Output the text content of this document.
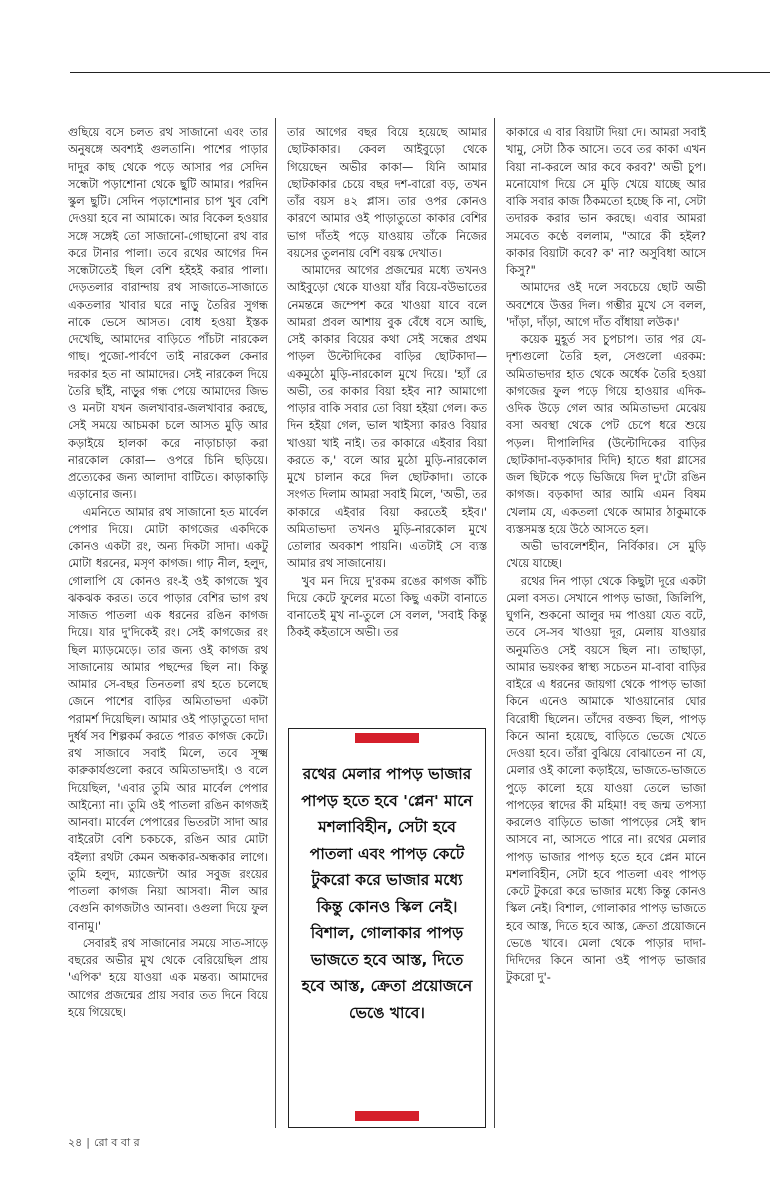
গুছিয়ে বসে চলত রথ সাজানো এবং তার অনুষঙ্গে অবশ্যই গুলতানি। পাশের পাড়ার দাদুর কাছ থেকে পড়ে আসার পর সেদিন সন্ধেটা পড়াশোনা থেকে ছুটি আমার। পরদিন স্কুল ছুটি। সেদিন পড়াশোনার চাপ খুব বেশি দেওয়া হবে না আমাকে। আর বিকেল হওয়ার সঙ্গে সঙ্গেই তো সাজানো-গোছানো রথ বার করে টানার পালা। তবে রথের আগের দিন সন্ধেটাতেই ছিল বেশি হইহই করার পালা। দেড়তলার বারান্দায় রথ সাজাতে-সাজাতে একতলার খাবার ঘরে নাড়ু তৈরির সুগন্ধ নাকে ভেসে আসত। বোধ হওয়া ইস্তক দেখেছি, আমাদের বাড়িতে পাঁচটা নারকেল গাছ। পুজো-পার্বণে তাই নারকেল কেনার দরকার হত না আমাদের। সেই নারকেল দিয়ে তৈরি ছাঁই, নাড়ুর গন্ধ পেয়ে আমাদের জিভ ও মনটা যখন জলখাবার-জলখাবার করছে, সেই সময়ে আচমকা চলে আসত মুড়ি আর কড়াইয়ে হালকা করে নাড়াচাড়া করা নারকোল কোরা— ওপরে চিনি ছড়িয়ে। প্রত্যেকের জন্য আলাদা বাটিতে। কাড়াকাড়ি এড়ানোর জন্য।

এমনিতে আমার রথ সাজানো হত মার্বেল পেপার দিয়ে। মোটা কাগজের একদিকে কোনও একটা রং, অন্য দিকটা সাদা। একটু মোটা ধরনের, মসৃণ কাগজ। গাঢ় নীল, হলুদ, গোলাপি যে কোনও রং-ই ওই কাগজে খুব ঝকঝক করত। তবে পাড়ার বেশির ভাগ রথ সাজত পাতলা এক ধরনের রঙিন কাগজ দিয়ে। যার দু'দিকেই রং। সেই কাগজের রং ছিল ম্যাড়মেড়ে। তার জন্য ওই কাগজ রথ সাজানোয় আমার পছন্দের ছিল না। কিন্তু আমার সে-বছর তিনতলা রথ হতে চলেছে জেনে পাশের বাড়ির অমিতাভদা একটা পরামর্শ দিয়েছিল। আমার ওই পাড়াতুতো দাদা দুর্ধর্ষ সব শিল্পকর্ম করতে পারত কাগজ কেটে। রথ সাজাবে সবাই মিলে, তবে সূক্ষ্ম কারুকার্যগুলো করবে অমিতাভদাই। ও বলে দিয়েছিল, 'এবার তুমি আর মার্বেল পেপার আইন্যো না। তুমি ওই পাতলা রঙিন কাগজই আনবা। মার্বেল পেপারের ভিতরটা সাদা আর বাইরেটা বেশি চকচকে, রঙিন আর মোটা বইল্যা রথটা কেমন অন্ধকার-অন্ধকার লাগে। তুমি হলুদ, ম্যাজেন্টা আর সবুজ রংয়ের পাতলা কাগজ নিয়া আসবা। নীল আর বেগুনি কাগজটাও আনবা। ওগুলা দিয়ে ফুল বানামু।'

সেবারই রথ সাজানোর সময়ে সাত-সাড়ে বছরের অভীর মুখ থেকে বেরিয়েছিল প্রায় 'এপিক' হয়ে যাওয়া এক মন্তব্য। আমাদের আগের প্রজন্মের প্রায় সবার তত দিনে বিয়ে হয়ে গিয়েছে।

তার আগের বছর বিয়ে হয়েছে আমার ছোটকাকার। কেবল আইবুড়ো থেকে গিয়েছেন অভীর কাকা— যিনি আমার ছোটকাকার চেয়ে বছর দশ-বারো বড়, তখন তাঁর বয়স ৪২ প্লাস। তার ওপর কোনও কারণে আমার ওই পাড়াতুতো কাকার বেশির ভাগ দাঁতই পড়ে যাওয়ায় তাঁকে নিজের বয়সের তুলনায় বেশি বয়স্ক দেখাত।

আমাদের আগের প্রজন্মের মধ্যে তখনও আইবুড়ো থেকে যাওয়া যাঁর বিয়ে-বউভাতের নেমন্তন্নে জম্পেশ করে খাওয়া যাবে বলে আমরা প্রবল আশায় বুক বেঁধে বসে আছি, সেই কাকার বিয়ের কথা সেই সন্ধের প্রথম পাড়ল উল্টোদিকের বাড়ির ছোটকাদা— একমুঠো মুড়ি-নারকোল মুখে দিয়ে। 'হ্যাঁ রে অভী, তর কাকার বিয়া হইব না? আমাগো পাড়ার বাকি সবার তো বিয়া হইয়া গেল। কত দিন হইয়া গেল, ভাল খাইস্যা কারও বিয়ার খাওয়া খাই নাই। তর কাকারে এইবার বিয়া করতে ক,' বলে আর মুঠো মুড়ি-নারকোল মুখে চালান করে দিল ছোটকাদা। তাকে সংগত দিলাম আমরা সবাই মিলে, 'অভী, তর কাকারে এইবার বিয়া করতেই হইব।' অমিতাভদা তখনও মুড়ি-নারকোল মুখে তোলার অবকাশ পায়নি। এতটাই সে ব্যস্ত আমার রথ সাজানোয়।

খুব মন দিয়ে দু'রকম রঙের কাগজ কাঁচি দিয়ে কেটে ফুলের মতো কিছু একটা বানাতে বানাতেই মুখ না-তুলে সে বলল, 'সবাই কিন্তু ঠিকই কইতাসে অভী। তর

রথের মেলার পাপড় ভাজার পাপড় হতে হবে 'প্লেন' মানে মশলাবিহীন, সেটা হবে পাতলা এবং পাপড় কেটে টুকরো করে ভাজার মধ্যে কিন্তু কোনও স্কিল নেই। বিশাল, গোলাকার পাপড় ভাজতে হবে আস্ত, দিতে হবে আস্ত, ক্রেতা প্রয়োজনে ভেঙে খাবে।

কাকারে এ বার বিয়াটা দিয়া দে। আমরা সবাই খামু, সেটা ঠিক আসে। তবে তর কাকা এখন বিয়া না-করলে আর কবে করব?' অভী চুপ। মনোযোগ দিয়ে সে মুড়ি খেয়ে যাচ্ছে আর বাকি সবার কাজ ঠিকমতো হচ্ছে কি না, সেটা তদারক করার ভান করছে। এবার আমরা সমবেত কণ্ঠে বললাম, "আরে কী হইল? কাকার বিয়াটা কবে? ক' না? অসুবিধা আসে কিসু?"

আমাদের ওই দলে সবচেয়ে ছোট অভী অবশেষে উত্তর দিল। গম্ভীর মুখে সে বলল, 'দাঁড়া, দাঁড়া, আগে দাঁত বাঁধায়া লউক।'

কয়েক মুহূর্ত সব চুপচাপ। তার পর যে-দৃশ্যগুলো তৈরি হল, সেগুলো এরকম: অমিতাভদার হাত থেকে অর্ধেক তৈরি হওয়া কাগজের ফুল পড়ে গিয়ে হাওয়ার এদিক-ওদিক উড়ে গেল আর অমিতাভদা মেঝেয় বসা অবস্থা থেকে পেট চেপে ধরে শুয়ে পড়ল। দীপালিদির (উল্টোদিকের বাড়ির ছোটকাদা-বড়কাদার দিদি) হাতে ধরা গ্লাসের জল ছিটকে পড়ে ভিজিয়ে দিল দু'টো রঙিন কাগজ। বড়কাদা আর আমি এমন বিষম খেলাম যে, একতলা থেকে আমার ঠাকুমাকে ব্যস্তসমস্ত হয়ে উঠে আসতে হল।

অভী ভাবলেশহীন, নির্বিকার। সে মুড়ি খেয়ে যাচ্ছে।

রথের দিন পাড়া থেকে কিছুটা দূরে একটা মেলা বসত। সেখানে পাপড় ভাজা, জিলিপি, ঘুগনি, শুকনো আলুর দম পাওয়া যেত বটে, তবে সে-সব খাওয়া দূর, মেলায় যাওয়ার অনুমতিও সেই বয়সে ছিল না। তাছাড়া, আমার ভয়ংকর স্বাস্থ্য সচেতন মা-বাবা বাড়ির বাইরে এ ধরনের জায়গা থেকে পাপড় ভাজা কিনে এনেও আমাকে খাওয়ানোর ঘোর বিরোধী ছিলেন। তাঁদের বক্তব্য ছিল, পাপড় কিনে আনা হয়েছে, বাড়িতে ভেজে খেতে দেওয়া হবে। তাঁরা বুঝিয়ে বোঝাতেন না যে, মেলার ওই কালো কড়াইয়ে, ভাজতে-ভাজতে পুড়ে কালো হয়ে যাওয়া তেলে ভাজা পাপড়ের স্বাদের কী মহিমা! বহু জন্ম তপস্যা করলেও বাড়িতে ভাজা পাপড়ের সেই স্বাদ আসবে না, আসতে পারে না। রথের মেলার পাপড় ভাজার পাপড় হতে হবে প্লেন মানে মশলাবিহীন, সেটা হবে পাতলা এবং পাপড় কেটে টুকরো করে ভাজার মধ্যে কিন্তু কোনও স্কিল নেই। বিশাল, গোলাকার পাপড় ভাজতে হবে আস্ত, দিতে হবে আস্ত, ক্রেতা প্রয়োজনে ভেঙে খাবে। মেলা থেকে পাড়ার দাদা-দিদিদের কিনে আনা ওই পাপড় ভাজার টুকরো দু'-

২৪ | রো ব বা র
